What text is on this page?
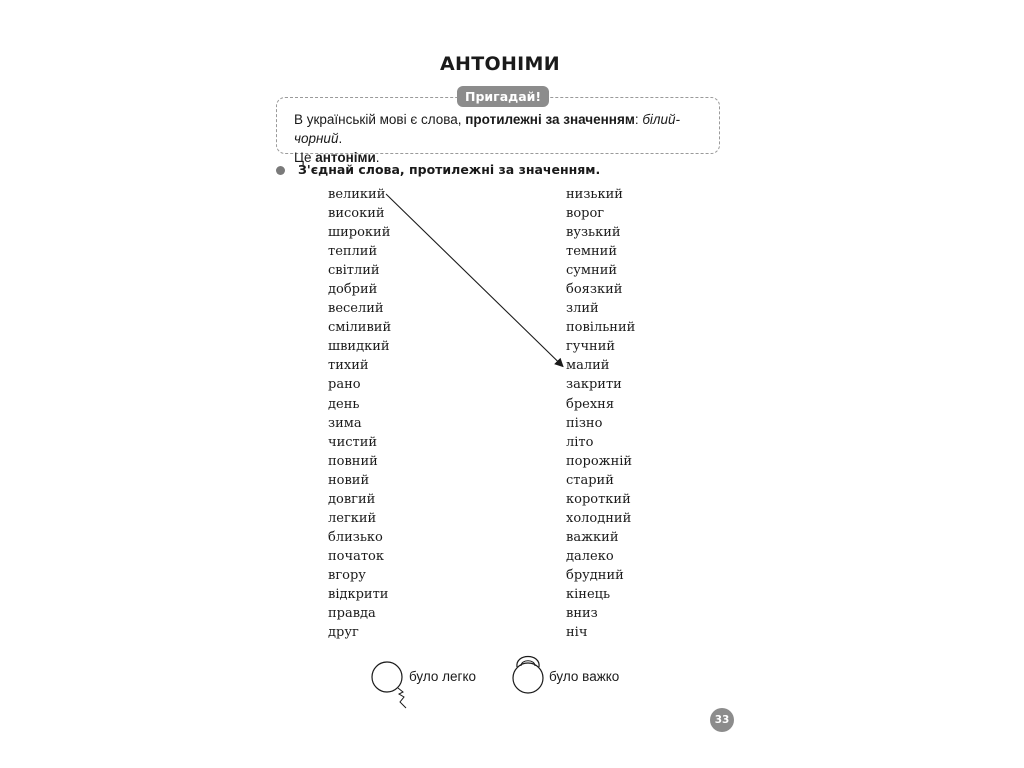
АНТОНІМИ
Пригадай!
В українській мові є слова, протилежні за значенням: білий-чорний.
Це антоніми.
З'єднай слова, протилежні за значенням.
великий
високий
широкий
теплий
світлий
добрий
веселий
сміливий
швидкий
тихий
рано
день
зима
чистий
повний
новий
довгий
легкий
близько
початок
вгору
відкрити
правда
друг
низький
ворог
вузький
темний
сумний
боязкий
злий
повільний
гучний
малий
закрити
брехня
пізно
літо
порожній
старий
короткий
холодний
важкий
далеко
брудний
кінець
вниз
ніч
було легко	було важко
33
